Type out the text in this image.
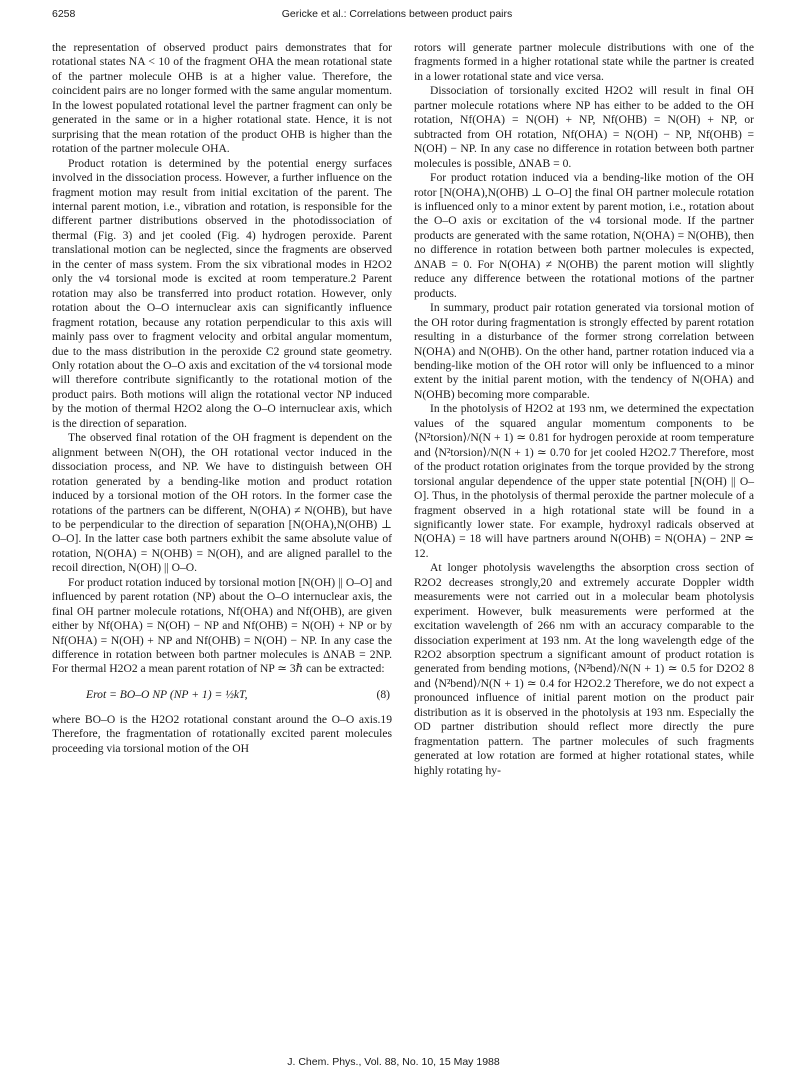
6258	Gericke et al.: Correlations between product pairs

the representation of observed product pairs demonstrates that for rotational states NA < 10 of the fragment OHA the mean rotational state of the partner molecule OHB is at a higher value. Therefore, the coincident pairs are no longer formed with the same angular momentum. In the lowest populated rotational level the partner fragment can only be generated in the same or in a higher rotational state. Hence, it is not surprising that the mean rotation of the product OHB is higher than the rotation of the partner molecule OHA.

Product rotation is determined by the potential energy surfaces involved in the dissociation process. However, a further influence on the fragment motion may result from initial excitation of the parent. The internal parent motion, i.e., vibration and rotation, is responsible for the different partner distributions observed in the photodissociation of thermal (Fig. 3) and jet cooled (Fig. 4) hydrogen peroxide. Parent translational motion can be neglected, since the fragments are observed in the center of mass system. From the six vibrational modes in H2O2 only the ν4 torsional mode is excited at room temperature.2 Parent rotation may also be transferred into product rotation. However, only rotation about the O–O internuclear axis can significantly influence fragment rotation, because any rotation perpendicular to this axis will mainly pass over to fragment velocity and orbital angular momentum, due to the mass distribution in the peroxide C2 ground state geometry. Only rotation about the O–O axis and excitation of the ν4 torsional mode will therefore contribute significantly to the rotational motion of the product pairs. Both motions will align the rotational vector NP induced by the motion of thermal H2O2 along the O–O internuclear axis, which is the direction of separation.

The observed final rotation of the OH fragment is dependent on the alignment between N(OH), the OH rotational vector induced in the dissociation process, and NP. We have to distinguish between OH rotation generated by a bending-like motion and product rotation induced by a torsional motion of the OH rotors. In the former case the rotations of the partners can be different, N(OHA) ≠ N(OHB), but have to be perpendicular to the direction of separation [N(OHA),N(OHB) ⊥ O–O]. In the latter case both partners exhibit the same absolute value of rotation, N(OHA) = N(OHB) = N(OH), and are aligned parallel to the recoil direction, N(OH) || O–O.

For product rotation induced by torsional motion [N(OH) || O–O] and influenced by parent rotation (NP) about the O–O internuclear axis, the final OH partner molecule rotations, Nf(OHA) and Nf(OHB), are given either by Nf(OHA) = N(OH) − NP and Nf(OHB) = N(OH) + NP or by Nf(OHA) = N(OH) + NP and Nf(OHB) = N(OH) − NP. In any case the difference in rotation between both partner molecules is ΔNAB = 2NP. For thermal H2O2 a mean parent rotation of NP ≃ 3ℏ can be extracted:

Erot = BO–O NP (NP + 1) = ½kT,	(8)

where BO–O is the H2O2 rotational constant around the O–O axis.19 Therefore, the fragmentation of rotationally excited parent molecules proceeding via torsional motion of the OH

rotors will generate partner molecule distributions with one of the fragments formed in a higher rotational state while the partner is created in a lower rotational state and vice versa.

Dissociation of torsionally excited H2O2 will result in final OH partner molecule rotations where NP has either to be added to the OH rotation, Nf(OHA) = N(OH) + NP, Nf(OHB) = N(OH) + NP, or subtracted from OH rotation, Nf(OHA) = N(OH) − NP, Nf(OHB) = N(OH) − NP. In any case no difference in rotation between both partner molecules is possible, ΔNAB = 0.

For product rotation induced via a bending-like motion of the OH rotor [N(OHA),N(OHB) ⊥ O–O] the final OH partner molecule rotation is influenced only to a minor extent by parent motion, i.e., rotation about the O–O axis or excitation of the ν4 torsional mode. If the partner products are generated with the same rotation, N(OHA) = N(OHB), then no difference in rotation between both partner molecules is expected, ΔNAB = 0. For N(OHA) ≠ N(OHB) the parent motion will slightly reduce any difference between the rotational motions of the partner products.

In summary, product pair rotation generated via torsional motion of the OH rotor during fragmentation is strongly effected by parent rotation resulting in a disturbance of the former strong correlation between N(OHA) and N(OHB). On the other hand, partner rotation induced via a bending-like motion of the OH rotor will only be influenced to a minor extent by the initial parent motion, with the tendency of N(OHA) and N(OHB) becoming more comparable.

In the photolysis of H2O2 at 193 nm, we determined the expectation values of the squared angular momentum components to be ⟨N²torsion⟩/N(N + 1) ≃ 0.81 for hydrogen peroxide at room temperature and ⟨N²torsion⟩/N(N + 1) ≃ 0.70 for jet cooled H2O2.7 Therefore, most of the product rotation originates from the torque provided by the strong torsional angular dependence of the upper state potential [N(OH) || O–O]. Thus, in the photolysis of thermal peroxide the partner molecule of a fragment observed in a high rotational state will be found in a significantly lower state. For example, hydroxyl radicals observed at N(OHA) = 18 will have partners around N(OHB) = N(OHA) − 2NP ≃ 12.

At longer photolysis wavelengths the absorption cross section of R2O2 decreases strongly,20 and extremely accurate Doppler width measurements were not carried out in a molecular beam photolysis experiment. However, bulk measurements were performed at the excitation wavelength of 266 nm with an accuracy comparable to the dissociation experiment at 193 nm. At the long wavelength edge of the R2O2 absorption spectrum a significant amount of product rotation is generated from bending motions, ⟨N²bend⟩/N(N + 1) ≃ 0.5 for D2O2 8 and ⟨N²bend⟩/N(N + 1) ≃ 0.4 for H2O2.2 Therefore, we do not expect a pronounced influence of initial parent motion on the product pair distribution as it is observed in the photolysis at 193 nm. Especially the OD partner distribution should reflect more directly the pure fragmentation pattern. The partner molecules of such fragments generated at low rotation are formed at higher rotational states, while highly rotating hy-

J. Chem. Phys., Vol. 88, No. 10, 15 May 1988
